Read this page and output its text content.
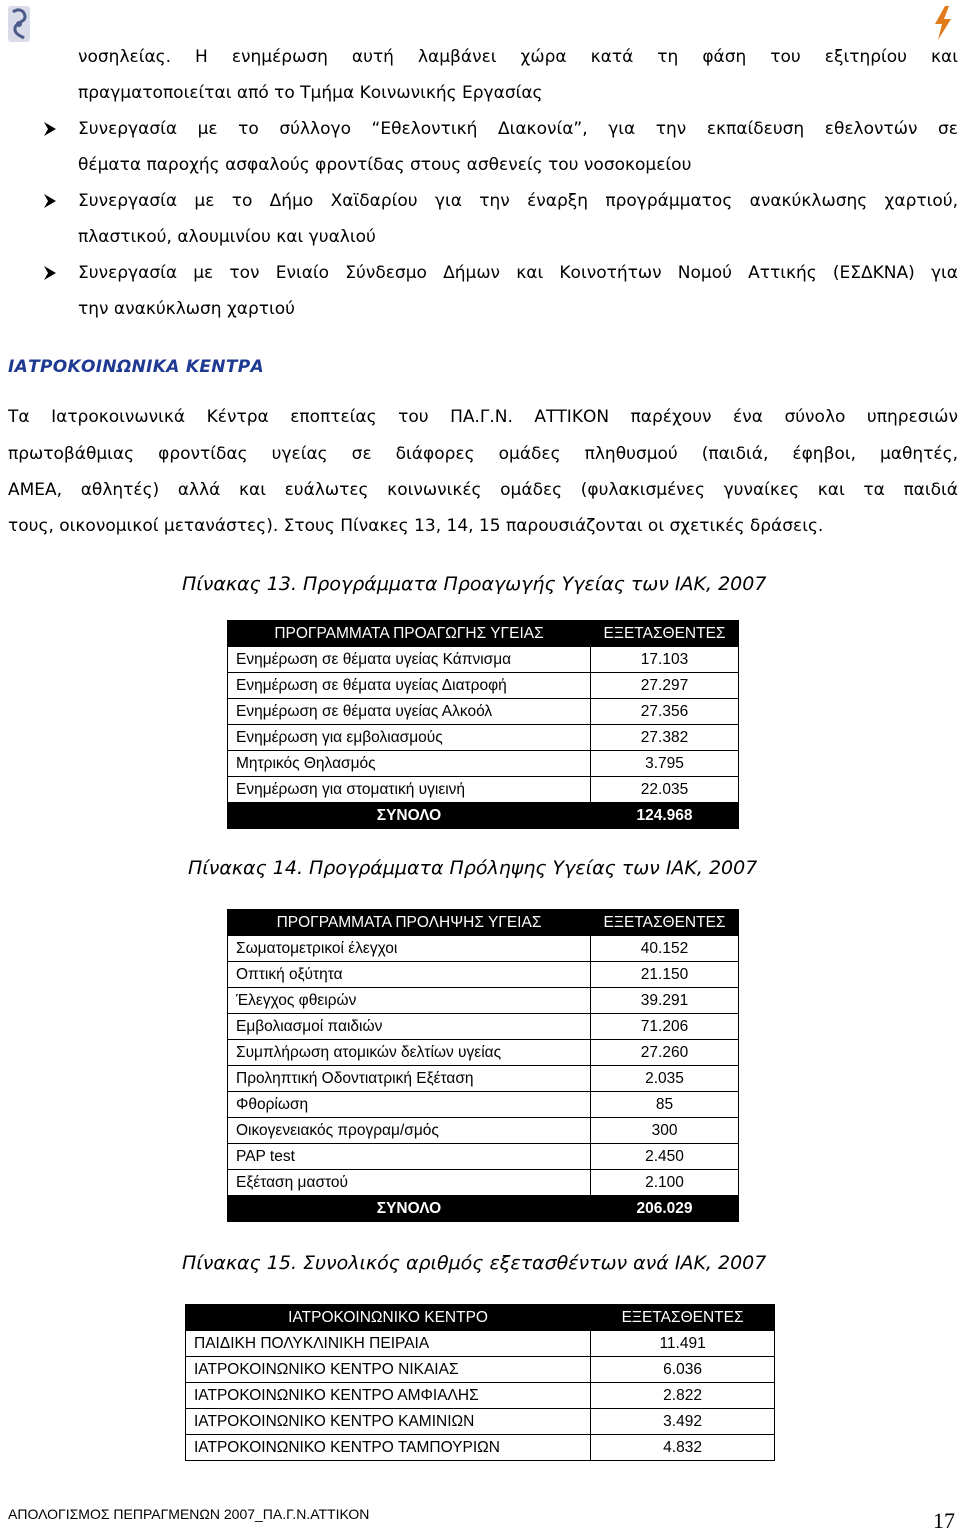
νοσηλείας. Η ενημέρωση αυτή λαμβάνει χώρα κατά τη φάση του εξιτηρίου και
πραγματοποιείται από το Τμήμα Κοινωνικής Εργασίας
Συνεργασία με το σύλλογο “Εθελοντική Διακονία”, για την εκπαίδευση εθελοντών σε
θέματα παροχής ασφαλούς φροντίδας στους ασθενείς του νοσοκομείου
Συνεργασία με το Δήμο Χαϊδαρίου για την έναρξη προγράμματος ανακύκλωσης χαρτιού,
πλαστικού, αλουμινίου και γυαλιού
Συνεργασία με τον Ενιαίο Σύνδεσμο Δήμων και Κοινοτήτων Νομού Αττικής (ΕΣΔΚΝΑ) για
την ανακύκλωση χαρτιού
ΙΑΤΡΟΚΟΙΝΩΝΙΚΑ ΚΕΝΤΡΑ
Τα Ιατροκοινωνικά Κέντρα εποπτείας του ΠΑ.Γ.Ν. ΑΤΤΙΚΟΝ παρέχουν ένα σύνολο υπηρεσιών
πρωτοβάθμιας φροντίδας υγείας σε διάφορες ομάδες πληθυσμού (παιδιά, έφηβοι, μαθητές,
ΑΜΕΑ, αθλητές) αλλά και ευάλωτες κοινωνικές ομάδες (φυλακισμένες γυναίκες και τα παιδιά
τους, οικονομικοί μετανάστες). Στους Πίνακες 13, 14, 15 παρουσιάζονται οι σχετικές δράσεις.
Πίνακας 13. Προγράμματα Προαγωγής Υγείας των ΙΑΚ, 2007
ΠΡΟΓΡΑΜΜΑΤΑ ΠΡΟΑΓΩΓΗΣ ΥΓΕΙΑΣ	ΕΞΕΤΑΣΘΕΝΤΕΣ
Ενημέρωση σε θέματα υγείας Κάπνισμα	17.103
Ενημέρωση σε θέματα υγείας Διατροφή	27.297
Ενημέρωση σε θέματα υγείας Αλκοόλ	27.356
Ενημέρωση για εμβολιασμούς	27.382
Μητρικός Θηλασμός	3.795
Ενημέρωση για στοματική υγιεινή	22.035
ΣΥΝΟΛΟ	124.968
Πίνακας 14. Προγράμματα Πρόληψης Υγείας των ΙΑΚ, 2007
ΠΡΟΓΡΑΜΜΑΤΑ ΠΡΟΛΗΨΗΣ ΥΓΕΙΑΣ	ΕΞΕΤΑΣΘΕΝΤΕΣ
Σωματομετρικοί έλεγχοι	40.152
Οπτική οξύτητα	21.150
Έλεγχος φθειρών	39.291
Εμβολιασμοί παιδιών	71.206
Συμπλήρωση ατομικών δελτίων υγείας	27.260
Προληπτική Οδοντιατρική Εξέταση	2.035
Φθορίωση	85
Οικογενειακός προγραμ/σμός	300
PAP test	2.450
Εξέταση μαστού	2.100
ΣΥΝΟΛΟ	206.029
Πίνακας 15. Συνολικός αριθμός εξετασθέντων ανά ΙΑΚ, 2007
ΙΑΤΡΟΚΟΙΝΩΝΙΚΟ ΚΕΝΤΡΟ	ΕΞΕΤΑΣΘΕΝΤΕΣ
ΠΑΙΔΙΚΗ ΠΟΛΥΚΛΙΝΙΚΗ ΠΕΙΡΑΙΑ	11.491
ΙΑΤΡΟΚΟΙΝΩΝΙΚΟ ΚΕΝΤΡΟ ΝΙΚΑΙΑΣ	6.036
ΙΑΤΡΟΚΟΙΝΩΝΙΚΟ ΚΕΝΤΡΟ ΑΜΦΙΑΛΗΣ	2.822
ΙΑΤΡΟΚΟΙΝΩΝΙΚΟ ΚΕΝΤΡΟ ΚΑΜΙΝΙΩΝ	3.492
ΙΑΤΡΟΚΟΙΝΩΝΙΚΟ ΚΕΝΤΡΟ ΤΑΜΠΟΥΡΙΩΝ	4.832
ΑΠΟΛΟΓΙΣΜΟΣ ΠΕΠΡΑΓΜΕΝΩΝ 2007_ΠΑ.Γ.Ν.ΑΤΤΙΚΟΝ	17
